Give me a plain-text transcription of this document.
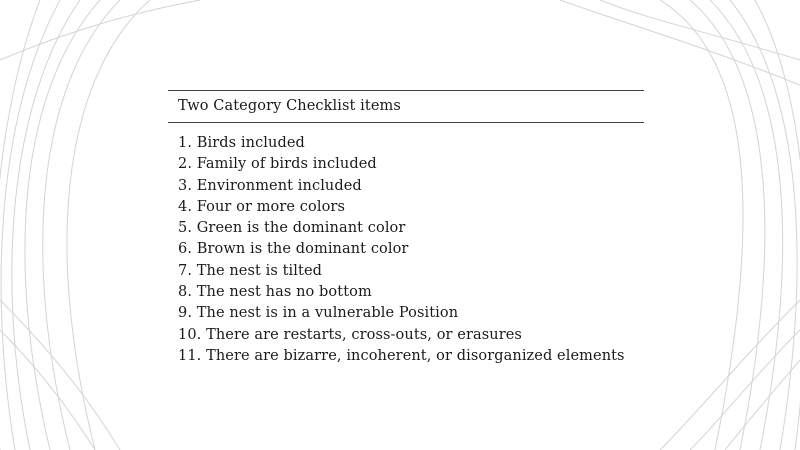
Two Category Checklist items
1. Birds included
2. Family of birds included
3. Environment included
4. Four or more colors
5. Green is the dominant color
6. Brown is the dominant color
7. The nest is tilted
8. The nest has no bottom
9. The nest is in a vulnerable Position
10. There are restarts, cross-outs, or erasures
11. There are bizarre, incoherent, or disorganized elements
